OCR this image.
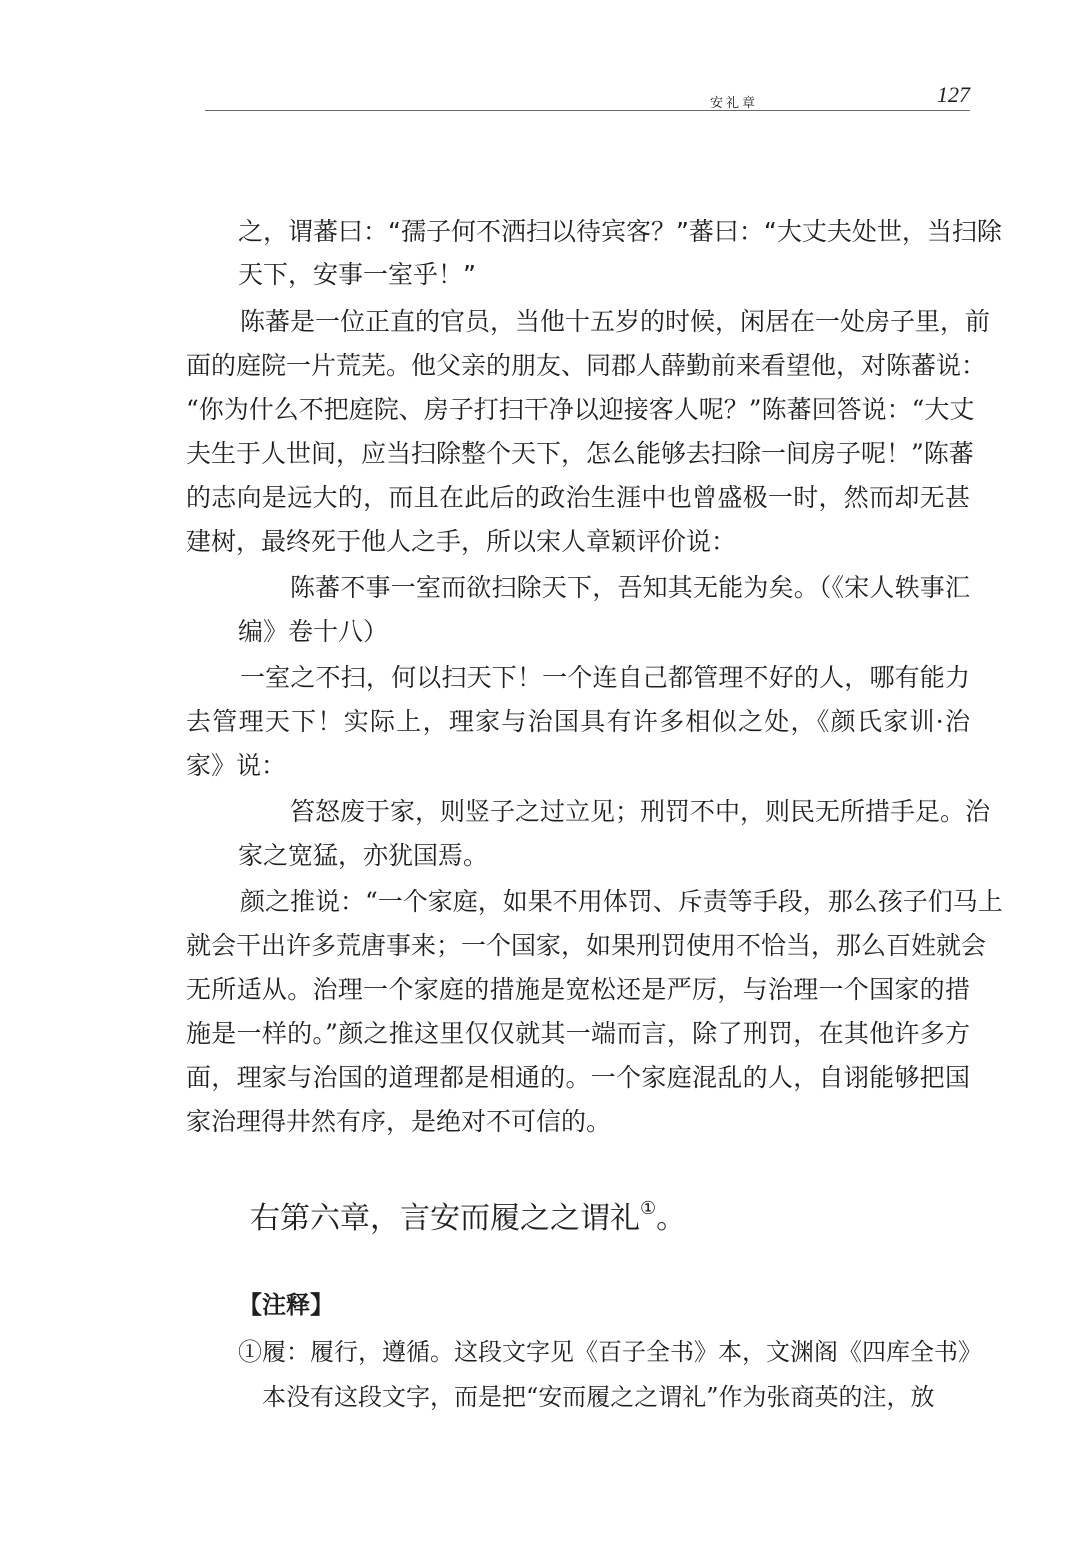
安礼章	127
之，谓蕃曰：“孺子何不洒扫以待宾客？”蕃曰：“大丈夫处世，当扫除
天下，安事一室乎！”
陈蕃是一位正直的官员，当他十五岁的时候，闲居在一处房子里，前
面的庭院一片荒芜。他父亲的朋友、同郡人薛勤前来看望他，对陈蕃说：
“你为什么不把庭院、房子打扫干净以迎接客人呢？”陈蕃回答说：“大丈
夫生于人世间，应当扫除整个天下，怎么能够去扫除一间房子呢！”陈蕃
的志向是远大的，而且在此后的政治生涯中也曾盛极一时，然而却无甚
建树，最终死于他人之手，所以宋人章颖评价说：
陈蕃不事一室而欲扫除天下，吾知其无能为矣。（《宋人轶事汇
编》卷十八）
一室之不扫，何以扫天下！一个连自己都管理不好的人，哪有能力
去管理天下！实际上，理家与治国具有许多相似之处，《颜氏家训·治
家》说：
笞怒废于家，则竖子之过立见；刑罚不中，则民无所措手足。治
家之宽猛，亦犹国焉。
颜之推说：“一个家庭，如果不用体罚、斥责等手段，那么孩子们马上
就会干出许多荒唐事来；一个国家，如果刑罚使用不恰当，那么百姓就会
无所适从。治理一个家庭的措施是宽松还是严厉，与治理一个国家的措
施是一样的。”颜之推这里仅仅就其一端而言，除了刑罚，在其他许多方
面，理家与治国的道理都是相通的。一个家庭混乱的人，自诩能够把国
家治理得井然有序，是绝对不可信的。
右第六章，言安而履之之谓礼①。
【注释】
①履：履行，遵循。这段文字见《百子全书》本，文渊阁《四库全书》
本没有这段文字，而是把“安而履之之谓礼”作为张商英的注，放
